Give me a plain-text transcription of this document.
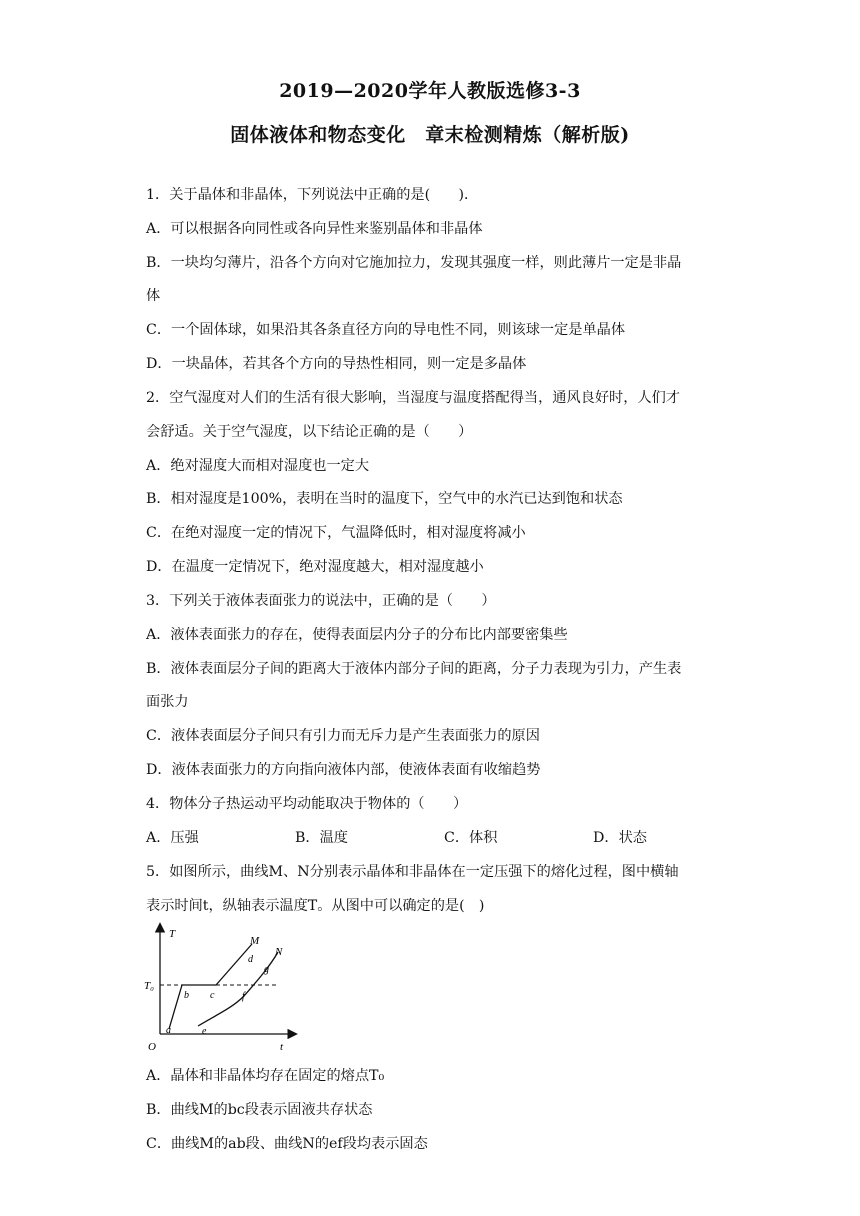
2019—2020学年人教版选修3-3
固体液体和物态变化　章末检测精炼（解析版)
1．关于晶体和非晶体，下列说法中正确的是(　　)．
A．可以根据各向同性或各向异性来鉴别晶体和非晶体
B．一块均匀薄片，沿各个方向对它施加拉力，发现其强度一样，则此薄片一定是非晶
体
C．一个固体球，如果沿其各条直径方向的导电性不同，则该球一定是单晶体
D．一块晶体，若其各个方向的导热性相同，则一定是多晶体
2．空气湿度对人们的生活有很大影响，当湿度与温度搭配得当，通风良好时，人们才
会舒适。关于空气湿度，以下结论正确的是（　　）
A．绝对湿度大而相对湿度也一定大
B．相对湿度是100%，表明在当时的温度下，空气中的水汽已达到饱和状态
C．在绝对湿度一定的情况下，气温降低时，相对湿度将减小
D．在温度一定情况下，绝对湿度越大，相对湿度越小
3．下列关于液体表面张力的说法中，正确的是（　　）
A．液体表面张力的存在，使得表面层内分子的分布比内部要密集些
B．液体表面层分子间的距离大于液体内部分子间的距离，分子力表现为引力，产生表
面张力
C．液体表面层分子间只有引力而无斥力是产生表面张力的原因
D．液体表面张力的方向指向液体内部，使液体表面有收缩趋势
4．物体分子热运动平均动能取决于物体的（　　）
A．压强	B．温度	C．体积	D．状态
5．如图所示，曲线M、N分别表示晶体和非晶体在一定压强下的熔化过程，图中横轴
表示时间t，纵轴表示温度T。从图中可以确定的是(　)
T
t
O
T₀
M
N
a
b c
d
e
f
g
A．晶体和非晶体均存在固定的熔点T₀
B．曲线M的bc段表示固液共存状态
C．曲线M的ab段、曲线N的ef段均表示固态
